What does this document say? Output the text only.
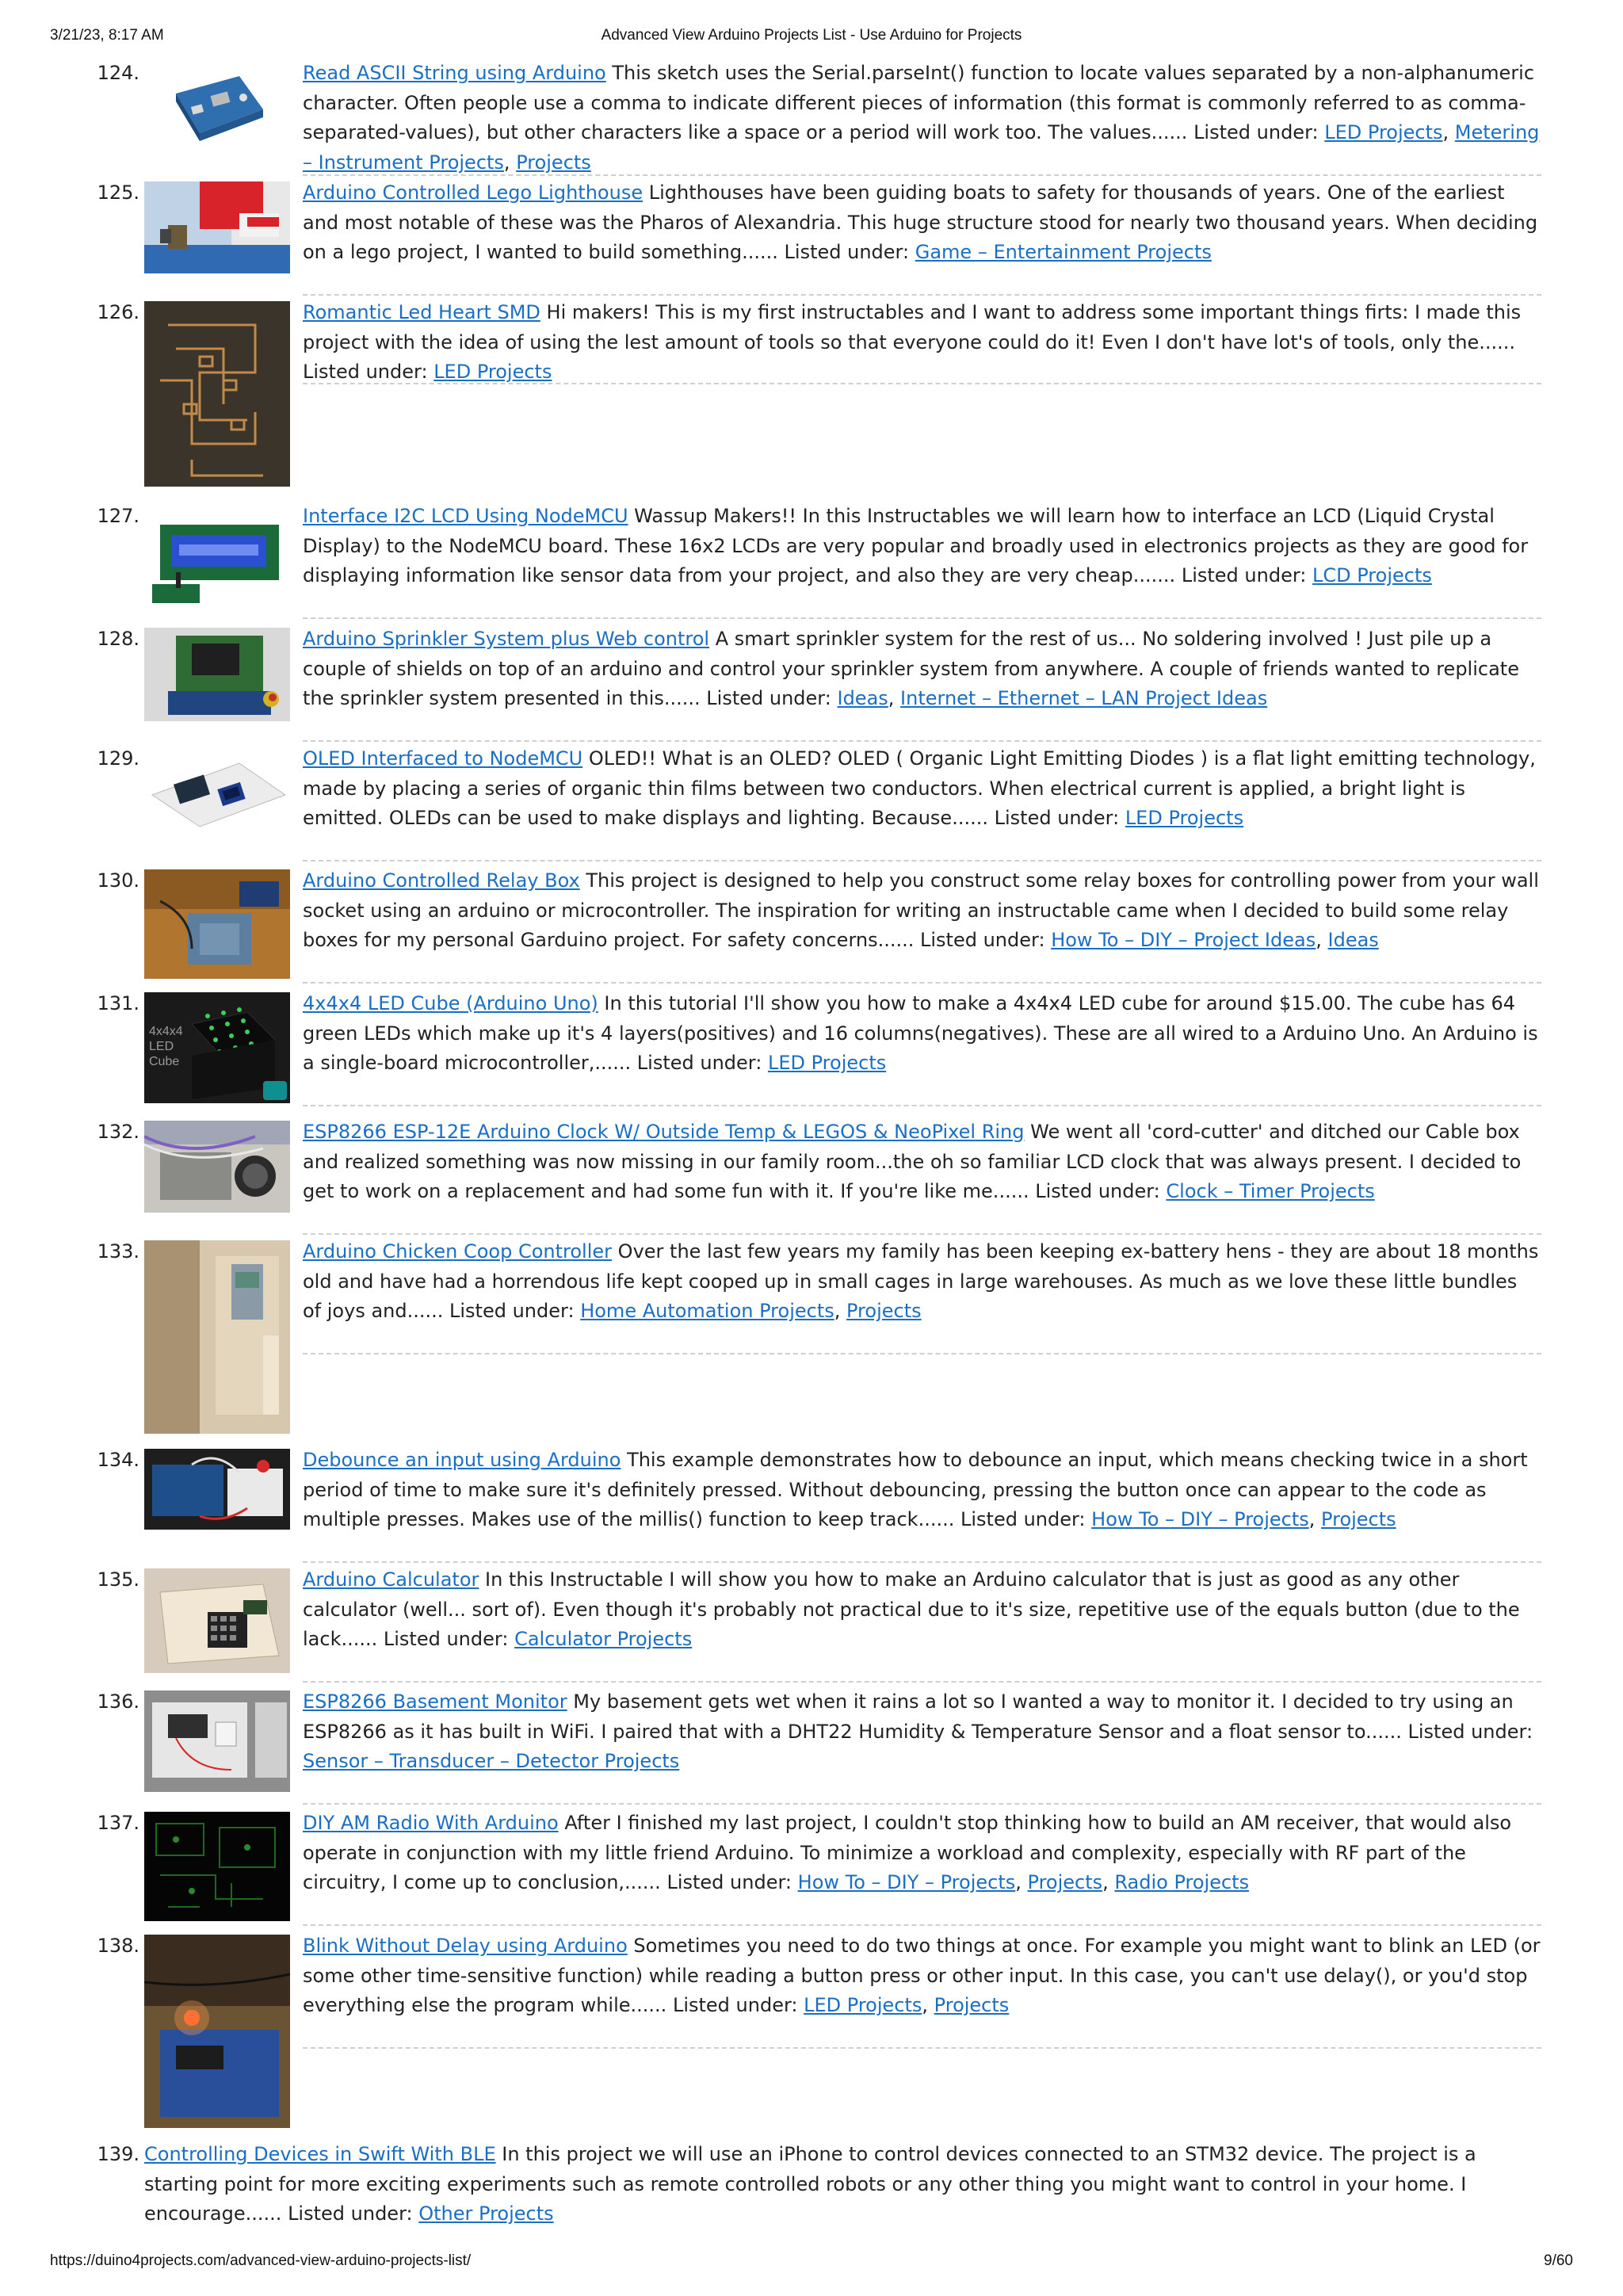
3/21/23, 8:17 AM	Advanced View Arduino Projects List - Use Arduino for Projects
124.	Read ASCII String using Arduino This sketch uses the Serial.parseInt() function to locate values separated by a non-alphanumeric character. Often people use a comma to indicate different pieces of information (this format is commonly referred to as comma-separated-values), but other characters like a space or a period will work too. The values...... Listed under: LED Projects, Metering – Instrument Projects, Projects
125.	Arduino Controlled Lego Lighthouse Lighthouses have been guiding boats to safety for thousands of years. One of the earliest and most notable of these was the Pharos of Alexandria. This huge structure stood for nearly two thousand years. When deciding on a lego project, I wanted to build something...... Listed under: Game – Entertainment Projects
126.	Romantic Led Heart SMD Hi makers! This is my first instructables and I want to address some important things firts: I made this project with the idea of using the lest amount of tools so that everyone could do it! Even I don't have lot's of tools, only the...... Listed under: LED Projects
127.	Interface I2C LCD Using NodeMCU Wassup Makers!! In this Instructables we will learn how to interface an LCD (Liquid Crystal Display) to the NodeMCU board. These 16x2 LCDs are very popular and broadly used in electronics projects as they are good for displaying information like sensor data from your project, and also they are very cheap....... Listed under: LCD Projects
128.	Arduino Sprinkler System plus Web control A smart sprinkler system for the rest of us... No soldering involved ! Just pile up a couple of shields on top of an arduino and control your sprinkler system from anywhere. A couple of friends wanted to replicate the sprinkler system presented in this...... Listed under: Ideas, Internet – Ethernet – LAN Project Ideas
129.	OLED Interfaced to NodeMCU OLED!! What is an OLED? OLED ( Organic Light Emitting Diodes ) is a flat light emitting technology, made by placing a series of organic thin films between two conductors. When electrical current is applied, a bright light is emitted. OLEDs can be used to make displays and lighting. Because...... Listed under: LED Projects
130.	Arduino Controlled Relay Box This project is designed to help you construct some relay boxes for controlling power from your wall socket using an arduino or microcontroller. The inspiration for writing an instructable came when I decided to build some relay boxes for my personal Garduino project. For safety concerns...... Listed under: How To – DIY – Project Ideas, Ideas
131.
4x4x4
LED
Cube
4x4x4 LED Cube (Arduino Uno) In this tutorial I'll show you how to make a 4x4x4 LED cube for around $15.00. The cube has 64 green LEDs which make up it's 4 layers(positives) and 16 columns(negatives). These are all wired to a Arduino Uno. An Arduino is a single-board microcontroller,...... Listed under: LED Projects
132.	ESP8266 ESP-12E Arduino Clock W/ Outside Temp & LEGOS & NeoPixel Ring We went all 'cord-cutter' and ditched our Cable box and realized something was now missing in our family room...the oh so familiar LCD clock that was always present. I decided to get to work on a replacement and had some fun with it. If you're like me...... Listed under: Clock – Timer Projects
133.	Arduino Chicken Coop Controller Over the last few years my family has been keeping ex-battery hens - they are about 18 months old and have had a horrendous life kept cooped up in small cages in large warehouses. As much as we love these little bundles of joys and...... Listed under: Home Automation Projects, Projects
134.	Debounce an input using Arduino This example demonstrates how to debounce an input, which means checking twice in a short period of time to make sure it's definitely pressed. Without debouncing, pressing the button once can appear to the code as multiple presses. Makes use of the millis() function to keep track...... Listed under: How To – DIY – Projects, Projects
135.	Arduino Calculator In this Instructable I will show you how to make an Arduino calculator that is just as good as any other calculator (well... sort of). Even though it's probably not practical due to it's size, repetitive use of the equals button (due to the lack...... Listed under: Calculator Projects
136.	ESP8266 Basement Monitor My basement gets wet when it rains a lot so I wanted a way to monitor it. I decided to try using an ESP8266 as it has built in WiFi. I paired that with a DHT22 Humidity & Temperature Sensor and a float sensor to...... Listed under: Sensor – Transducer – Detector Projects
137.	DIY AM Radio With Arduino After I finished my last project, I couldn't stop thinking how to build an AM receiver, that would also operate in conjunction with my little friend Arduino. To minimize a workload and complexity, especially with RF part of the circuitry, I come up to conclusion,...... Listed under: How To – DIY – Projects, Projects, Radio Projects
138.	Blink Without Delay using Arduino Sometimes you need to do two things at once. For example you might want to blink an LED (or some other time-sensitive function) while reading a button press or other input. In this case, you can't use delay(), or you'd stop everything else the program while...... Listed under: LED Projects, Projects
139. Controlling Devices in Swift With BLE In this project we will use an iPhone to control devices connected to an STM32 device. The project is a starting point for more exciting experiments such as remote controlled robots or any other thing you might want to control in your home. I encourage...... Listed under: Other Projects
https://duino4projects.com/advanced-view-arduino-projects-list/	9/60
